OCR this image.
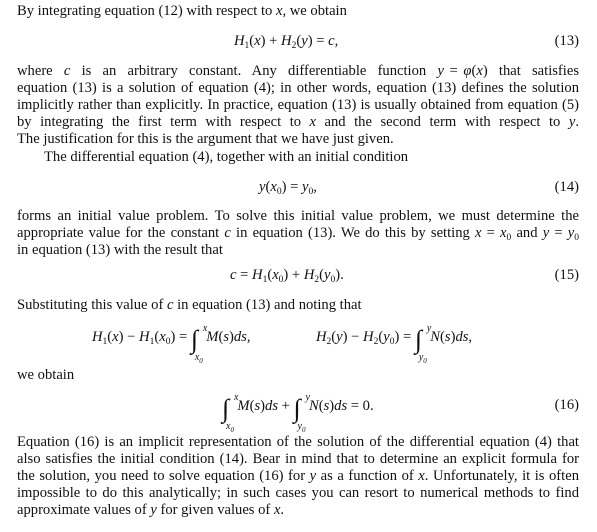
By integrating equation (12) with respect to x, we obtain
$H_1(x) + H_2(y) = c$,	(13)
where  c  is  an  arbitrary  constant.  Any  differentiable  function  y = φ(x)  that  satisfies
equation (13) is a solution of equation (4); in other words, equation (13) defines the solution
implicitly rather than explicitly. In practice, equation (13) is usually obtained from equation (5)
by integrating the first term with respect to x and the second term with respect to y.
The justification for this is the argument that we have just given.
The differential equation (4), together with an initial condition
$y(x_0) = y_0$,	(14)
forms an initial value problem. To solve this initial value problem, we must determine the
appropriate value for the constant c in equation (13). We do this by setting $x = x_0$ and $y = y_0$
in equation (13) with the result that
$c = H_1(x_0) + H_2(y_0)$.	(15)
Substituting this value of c in equation (13) and noting that
$H_1(x) - H_1(x_0)$ = ∫ x
$x_0$
M(s)ds,	$H_2(y) - H_2(y_0)$ = ∫ y
$y_0$
N(s)ds,
we obtain
∫ x
$x_0$
M(s)ds + ∫ y
$y_0$
N(s)ds = 0.	(16)
Equation (16) is an implicit representation of the solution of the differential equation (4) that
also satisfies the initial condition (14). Bear in mind that to determine an explicit formula for
the solution, you need to solve equation (16) for y as a function of x. Unfortunately, it is often
impossible to do this analytically; in such cases you can resort to numerical methods to find
approximate values of y for given values of x.
